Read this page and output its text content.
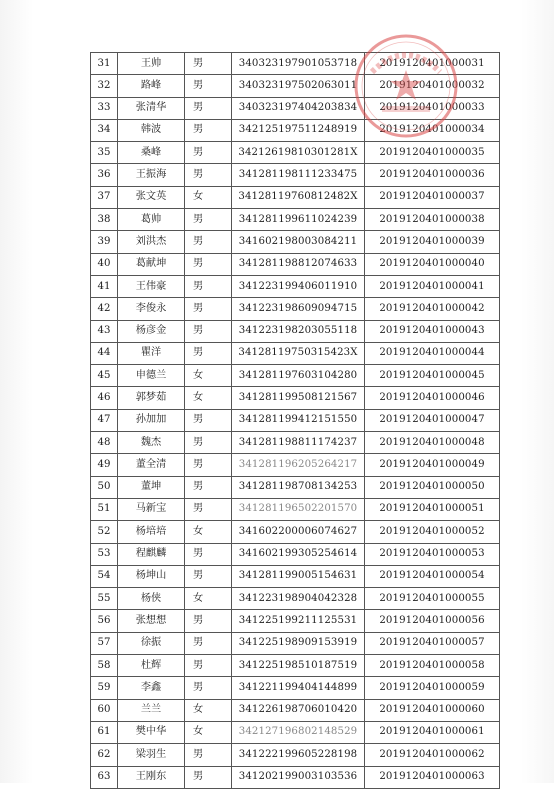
31	王帅	男	340323197901053718	2019120401000031
32	路峰	男	340323197502063011	2019120401000032
33	张清华	男	340323197404203834	2019120401000033
34	韩波	男	342125197511248919	2019120401000034
35	桑峰	男	34212619810301281X	2019120401000035
36	王振海	男	341281198111233475	2019120401000036
37	张文英	女	34128119760812482X	2019120401000037
38	葛帅	男	341281199611024239	2019120401000038
39	刘洪杰	男	341602198003084211	2019120401000039
40	葛献坤	男	341281198812074633	2019120401000040
41	王伟豪	男	341223199406011910	2019120401000041
42	李俊永	男	341223198609094715	2019120401000042
43	杨彦金	男	341223198203055118	2019120401000043
44	瞿洋	男	34128119750315423X	2019120401000044
45	申德兰	女	341281197603104280	2019120401000045
46	郭梦茹	女	341281199508121567	2019120401000046
47	孙加加	男	341281199412151550	2019120401000047
48	魏杰	男	341281198811174237	2019120401000048
49	董全清	男	341281196205264217	2019120401000049
50	董坤	男	341281198708134253	2019120401000050
51	马新宝	男	341281196502201570	2019120401000051
52	杨培培	女	341602200006074627	2019120401000052
53	程麒麟	男	341602199305254614	2019120401000053
54	杨坤山	男	341281199005154631	2019120401000054
55	杨侠	女	341223198904042328	2019120401000055
56	张想想	男	341225199211125531	2019120401000056
57	徐振	男	341225198909153919	2019120401000057
58	杜辉	男	341225198510187519	2019120401000058
59	李鑫	男	341221199404144899	2019120401000059
60	兰兰	女	341226198706010420	2019120401000060
61	樊中华	女	342127196802148529	2019120401000061
62	梁羽生	男	341222199605228198	2019120401000062
63	王刚东	男	341202199003103536	2019120401000063
